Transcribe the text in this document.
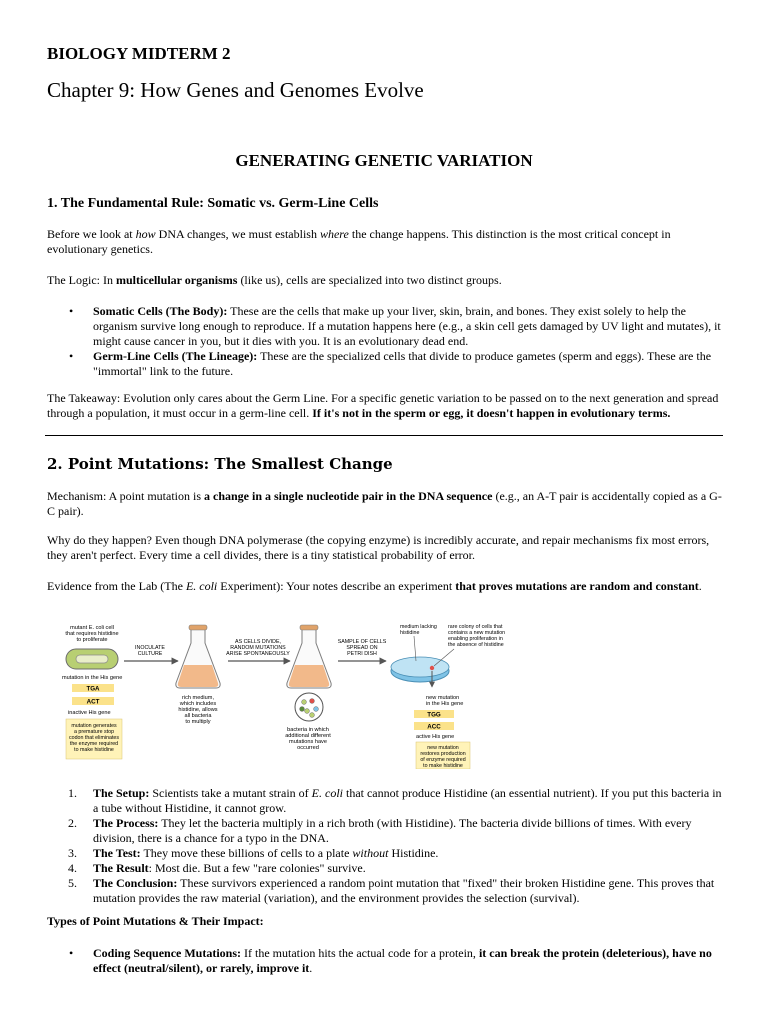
BIOLOGY MIDTERM 2
Chapter 9: How Genes and Genomes Evolve
GENERATING GENETIC VARIATION
1. The Fundamental Rule: Somatic vs. Germ-Line Cells

Before we look at how DNA changes, we must establish where the change happens. This distinction is the most critical concept in evolutionary genetics.

The Logic: In multicellular organisms (like us), cells are specialized into two distinct groups.

• Somatic Cells (The Body): These are the cells that make up your liver, skin, brain, and bones. They exist solely to help the organism survive long enough to reproduce. If a mutation happens here (e.g., a skin cell gets damaged by UV light and mutates), it might cause cancer in you, but it dies with you. It is an evolutionary dead end.
• Germ-Line Cells (The Lineage): These are the specialized cells that divide to produce gametes (sperm and eggs). These are the "immortal" link to the future.

The Takeaway: Evolution only cares about the Germ Line. For a specific genetic variation to be passed on to the next generation and spread through a population, it must occur in a germ-line cell. If it's not in the sperm or egg, it doesn't happen in evolutionary terms.

2. Point Mutations: The Smallest Change

Mechanism: A point mutation is a change in a single nucleotide pair in the DNA sequence (e.g., an A-T pair is accidentally copied as a G-C pair).

Why do they happen? Even though DNA polymerase (the copying enzyme) is incredibly accurate, and repair mechanisms fix most errors, they aren't perfect. Every time a cell divides, there is a tiny statistical probability of error.

Evidence from the Lab (The E. coli Experiment): Your notes describe an experiment that proves mutations are random and constant.

mutant E. coli cell
that requires histidine
to proliferate
mutation in the His gene
TGA
ACT
inactive His gene
mutation generates
a premature stop
codon that eliminates
the enzyme required
to make histidine
INOCULATE
CULTURE
rich medium,
which includes
histidine, allows
all bacteria
to multiply
AS CELLS DIVIDE,
RANDOM MUTATIONS
ARISE SPONTANEOUSLY
bacteria in which
additional different
mutations have
occurred
SAMPLE OF CELLS
SPREAD ON
PETRI DISH
medium lacking
histidine
rare colony of cells that
contains a new mutation
enabling proliferation in
the absence of histidine
new mutation
in the His gene
TGG
ACC
active His gene
new mutation
restores production
of enzyme required
to make histidine
1. The Setup: Scientists take a mutant strain of E. coli that cannot produce Histidine (an essential nutrient). If you put this bacteria in a tube without Histidine, it cannot grow.
2. The Process: They let the bacteria multiply in a rich broth (with Histidine). The bacteria divide billions of times. With every division, there is a chance for a typo in the DNA.
3. The Test: They move these billions of cells to a plate without Histidine.
4. The Result: Most die. But a few "rare colonies" survive.
5. The Conclusion: These survivors experienced a random point mutation that "fixed" their broken Histidine gene. This proves that mutation provides the raw material (variation), and the environment provides the selection (survival).

Types of Point Mutations & Their Impact:

• Coding Sequence Mutations: If the mutation hits the actual code for a protein, it can break the protein (deleterious), have no effect (neutral/silent), or rarely, improve it.
